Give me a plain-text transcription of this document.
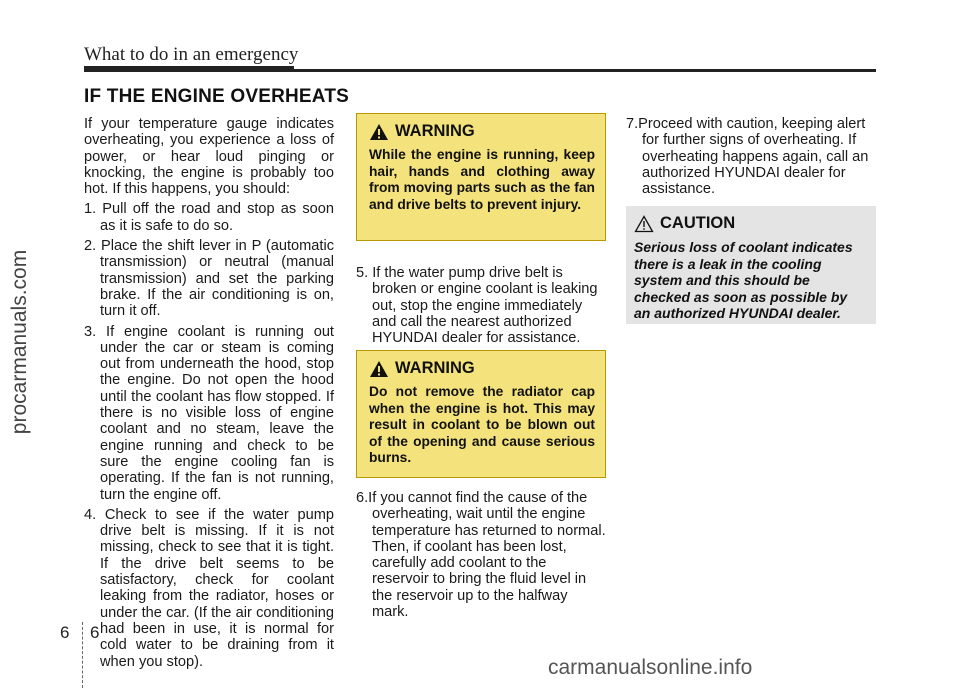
What to do in an emergency
IF THE ENGINE OVERHEATS

If your temperature gauge indicates overheating, you experience a loss of power, or hear loud pinging or knocking, the engine is probably too hot. If this happens, you should:

1. Pull off the road and stop as soon as it is safe to do so.

2. Place the shift lever in P (automatic transmission) or neutral (manual transmission) and set the parking brake. If the air conditioning is on, turn it off.

3. If engine coolant is running out under the car or steam is coming out from underneath the hood, stop the engine. Do not open the hood until the coolant has flow stopped. If there is no visible loss of engine coolant and no steam, leave the engine running and check to be sure the engine cooling fan is operating. If the fan is not running, turn the engine off.

4. Check to see if the water pump drive belt is missing. If it is not missing, check to see that it is tight. If the drive belt seems to be satisfactory, check for coolant leaking from the radiator, hoses or under the car. (If the air conditioning had been in use, it is normal for cold water to be draining from it when you stop).

WARNING
While the engine is running, keep hair, hands and clothing away from moving parts such as the fan and drive belts to prevent injury.

5. If the water pump drive belt is broken or engine coolant is leaking out, stop the engine immediately and call the nearest authorized HYUNDAI dealer for assistance.

WARNING
Do not remove the radiator cap when the engine is hot. This may result in coolant to be blown out of the opening and cause serious burns.

6.If you cannot find the cause of the overheating, wait until the engine temperature has returned to normal. Then, if coolant has been lost, carefully add coolant to the reservoir to bring the fluid level in the reservoir up to the halfway mark.

7.Proceed with caution, keeping alert for further signs of overheating. If overheating happens again, call an authorized HYUNDAI dealer for assistance.

CAUTION
Serious loss of coolant indicates there is a leak in the cooling system and this should be checked as soon as possible by an authorized HYUNDAI dealer.
6 6
procarmanuals.com
carmanualsonline.info
